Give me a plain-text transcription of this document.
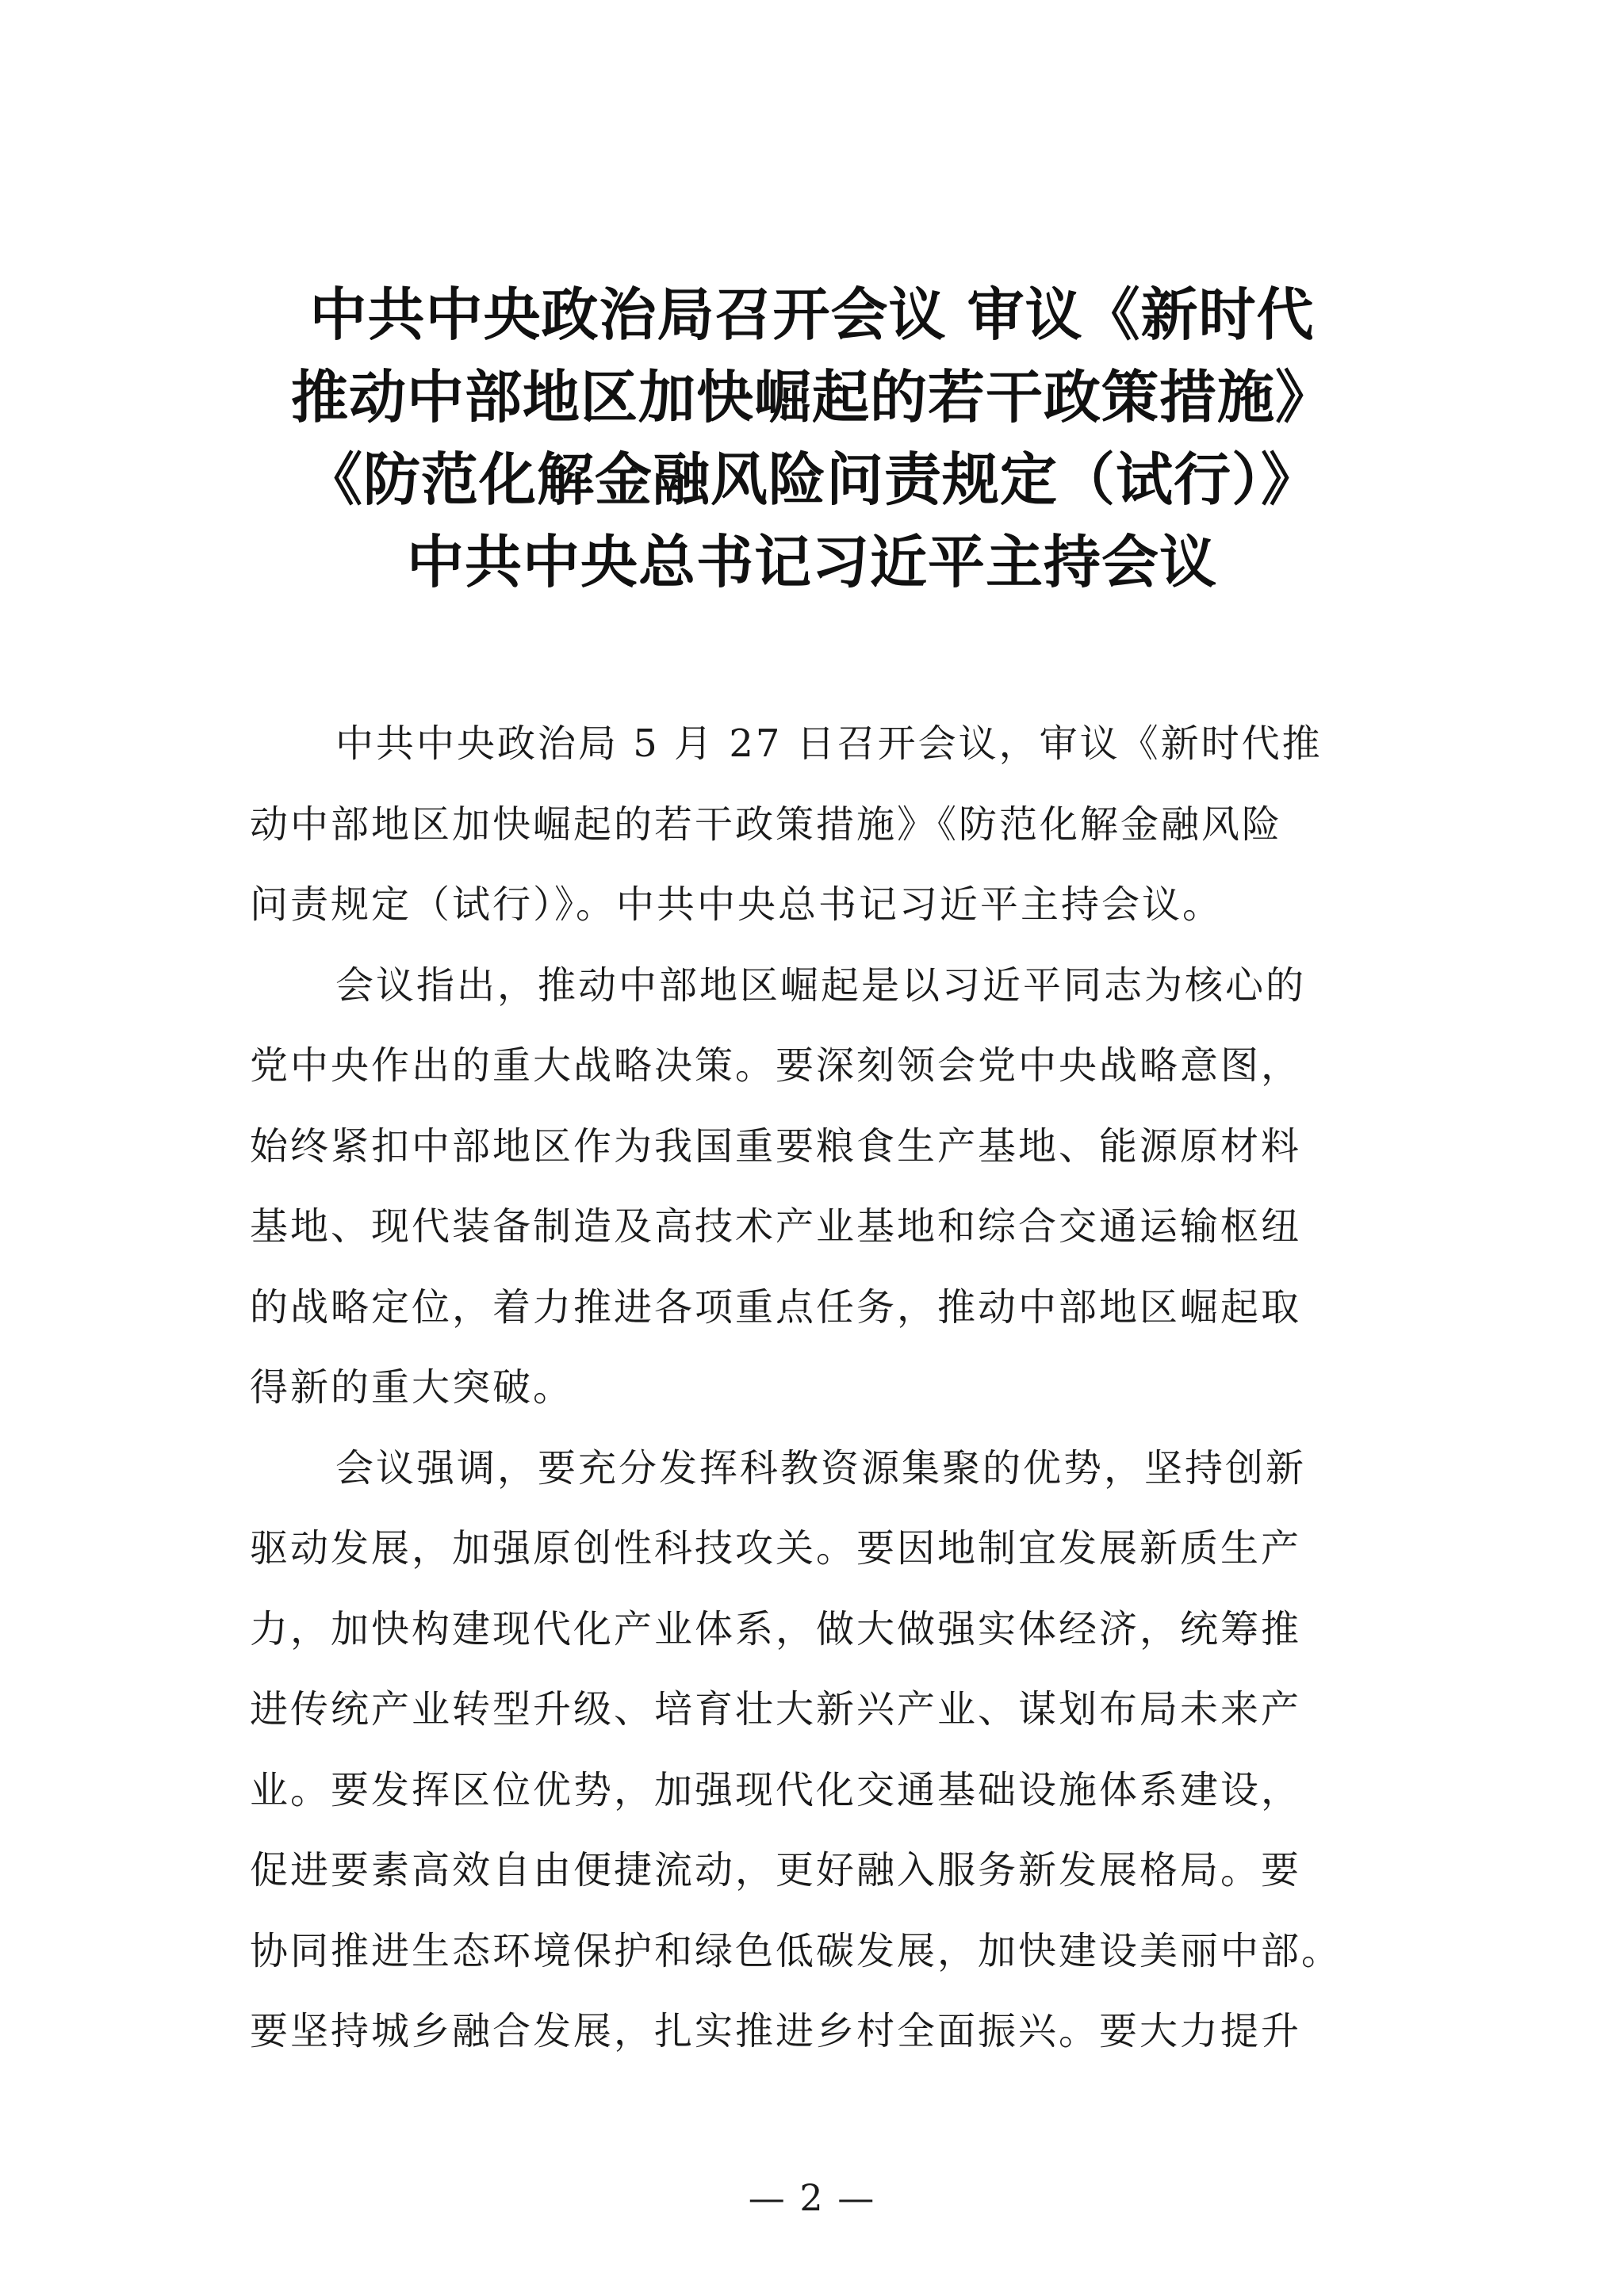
中共中央政治局召开会议 审议《新时代
推动中部地区加快崛起的若干政策措施》
《防范化解金融风险问责规定（试行）》
中共中央总书记习近平主持会议
中共中央政治局 5 月 27 日召开会议，审议《新时代推
动中部地区加快崛起的若干政策措施》《防范化解金融风险
问责规定（试行）》。中共中央总书记习近平主持会议。
会议指出，推动中部地区崛起是以习近平同志为核心的
党中央作出的重大战略决策。要深刻领会党中央战略意图，
始终紧扣中部地区作为我国重要粮食生产基地、能源原材料
基地、现代装备制造及高技术产业基地和综合交通运输枢纽
的战略定位，着力推进各项重点任务，推动中部地区崛起取
得新的重大突破。
会议强调，要充分发挥科教资源集聚的优势，坚持创新
驱动发展，加强原创性科技攻关。要因地制宜发展新质生产
力，加快构建现代化产业体系，做大做强实体经济，统筹推
进传统产业转型升级、培育壮大新兴产业、谋划布局未来产
业。要发挥区位优势，加强现代化交通基础设施体系建设，
促进要素高效自由便捷流动，更好融入服务新发展格局。要
协同推进生态环境保护和绿色低碳发展，加快建设美丽中部。
要坚持城乡融合发展，扎实推进乡村全面振兴。要大力提升
— 2 —
